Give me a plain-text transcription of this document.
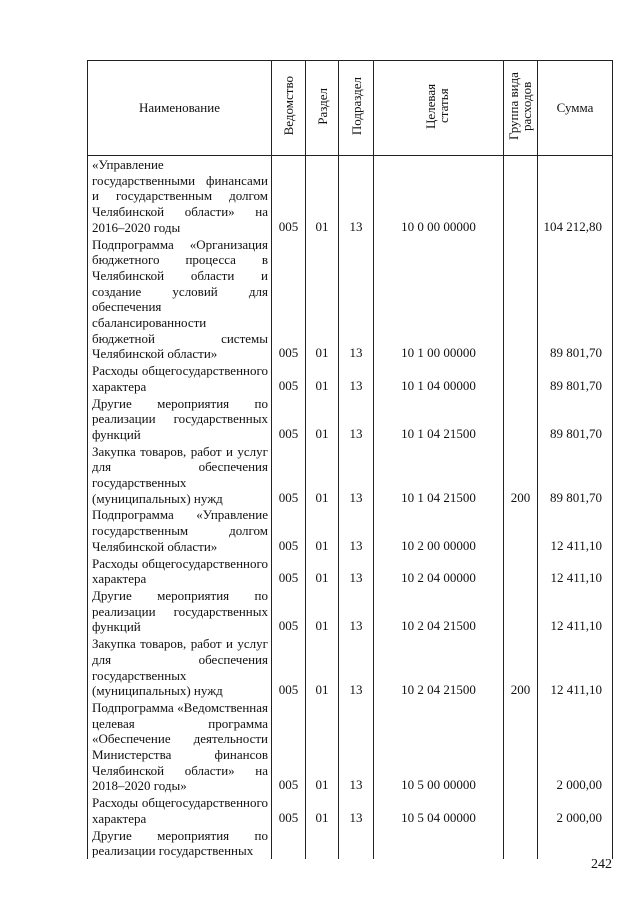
Наименование	Ведомство	Раздел	Подраздел	Целевая статья	Группа вида расходов	Сумма
«Управление государственными финансами и государственным долгом Челябинской области» на 2016–2020 годы	005	01	13	10 0 00 00000		104 212,80
Подпрограмма «Организация бюджетного процесса в Челябинской области и создание условий для обеспечения сбалансированности бюджетной системы Челябинской области»	005	01	13	10 1 00 00000		89 801,70
Расходы общегосударственного характера	005	01	13	10 1 04 00000		89 801,70
Другие мероприятия по реализации государственных функций	005	01	13	10 1 04 21500		89 801,70
Закупка товаров, работ и услуг для обеспечения государственных (муниципальных) нужд	005	01	13	10 1 04 21500	200	89 801,70
Подпрограмма «Управление государственным долгом Челябинской области»	005	01	13	10 2 00 00000		12 411,10
Расходы общегосударственного характера	005	01	13	10 2 04 00000		12 411,10
Другие мероприятия по реализации государственных функций	005	01	13	10 2 04 21500		12 411,10
Закупка товаров, работ и услуг для обеспечения государственных (муниципальных) нужд	005	01	13	10 2 04 21500	200	12 411,10
Подпрограмма «Ведомственная целевая программа «Обеспечение деятельности Министерства финансов Челябинской области» на 2018–2020 годы»	005	01	13	10 5 00 00000		2 000,00
Расходы общегосударственного характера	005	01	13	10 5 04 00000		2 000,00
Другие мероприятия по реализации государственных						
242
